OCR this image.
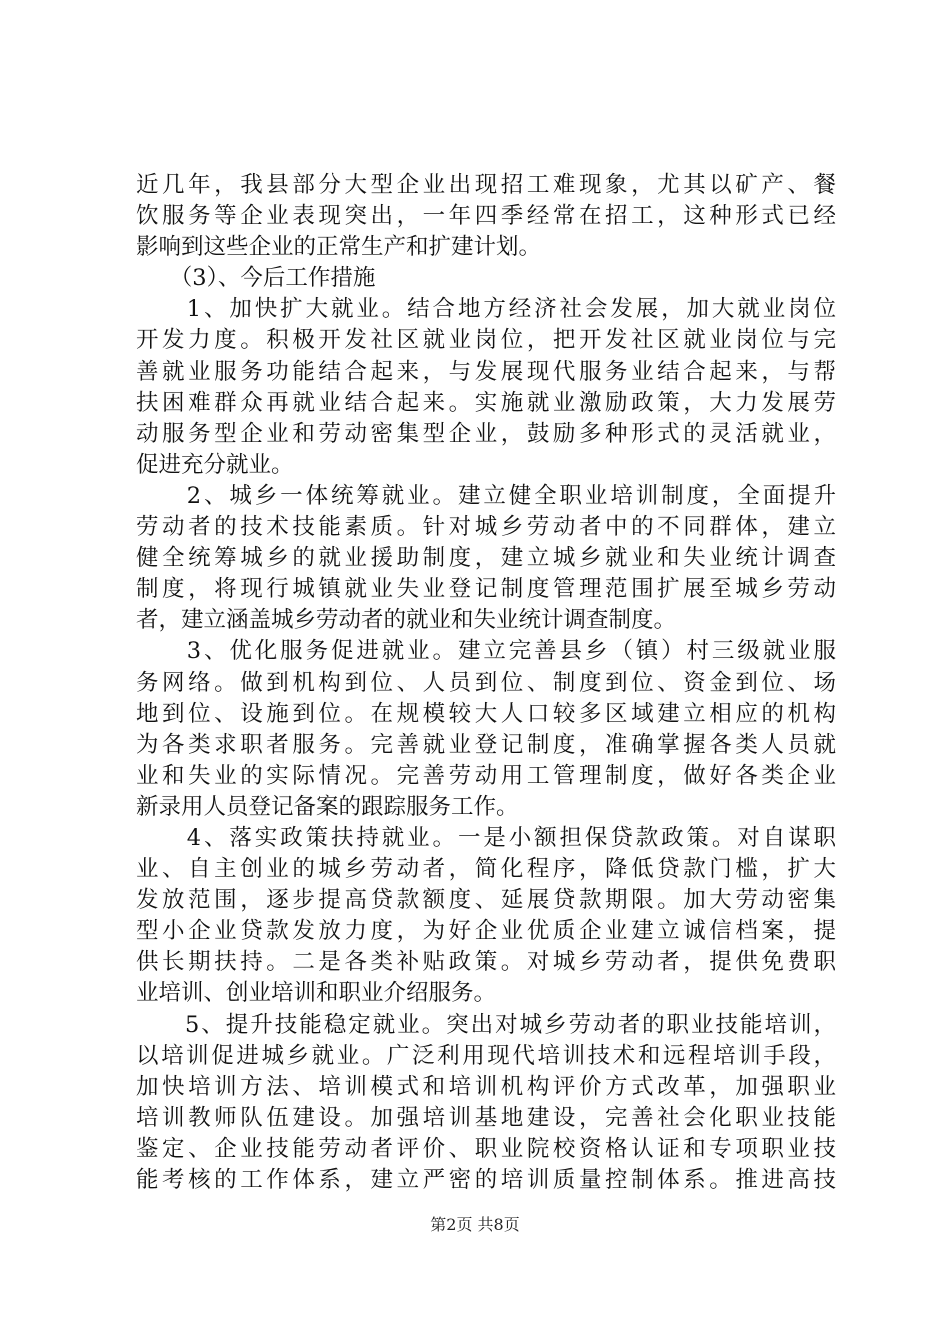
近几年，我县部分大型企业出现招工难现象，尤其以矿产、餐
饮服务等企业表现突出，一年四季经常在招工，这种形式已经
影响到这些企业的正常生产和扩建计划。
　　（3）、今后工作措施
　　1、加快扩大就业。结合地方经济社会发展，加大就业岗位
开发力度。积极开发社区就业岗位，把开发社区就业岗位与完
善就业服务功能结合起来，与发展现代服务业结合起来，与帮
扶困难群众再就业结合起来。实施就业激励政策，大力发展劳
动服务型企业和劳动密集型企业，鼓励多种形式的灵活就业，
促进充分就业。
　　2、城乡一体统筹就业。建立健全职业培训制度，全面提升
劳动者的技术技能素质。针对城乡劳动者中的不同群体，建立
健全统筹城乡的就业援助制度，建立城乡就业和失业统计调查
制度，将现行城镇就业失业登记制度管理范围扩展至城乡劳动
者，建立涵盖城乡劳动者的就业和失业统计调查制度。
　　3、优化服务促进就业。建立完善县乡（镇）村三级就业服
务网络。做到机构到位、人员到位、制度到位、资金到位、场
地到位、设施到位。在规模较大人口较多区域建立相应的机构
为各类求职者服务。完善就业登记制度，准确掌握各类人员就
业和失业的实际情况。完善劳动用工管理制度，做好各类企业
新录用人员登记备案的跟踪服务工作。
　　4、落实政策扶持就业。一是小额担保贷款政策。对自谋职
业、自主创业的城乡劳动者，简化程序，降低贷款门槛，扩大
发放范围，逐步提高贷款额度、延展贷款期限。加大劳动密集
型小企业贷款发放力度，为好企业优质企业建立诚信档案，提
供长期扶持。二是各类补贴政策。对城乡劳动者，提供免费职
业培训、创业培训和职业介绍服务。
　　5、提升技能稳定就业。突出对城乡劳动者的职业技能培训，
以培训促进城乡就业。广泛利用现代培训技术和远程培训手段，
加快培训方法、培训模式和培训机构评价方式改革，加强职业
培训教师队伍建设。加强培训基地建设，完善社会化职业技能
鉴定、企业技能劳动者评价、职业院校资格认证和专项职业技
能考核的工作体系，建立严密的培训质量控制体系。推进高技
第2页 共8页
